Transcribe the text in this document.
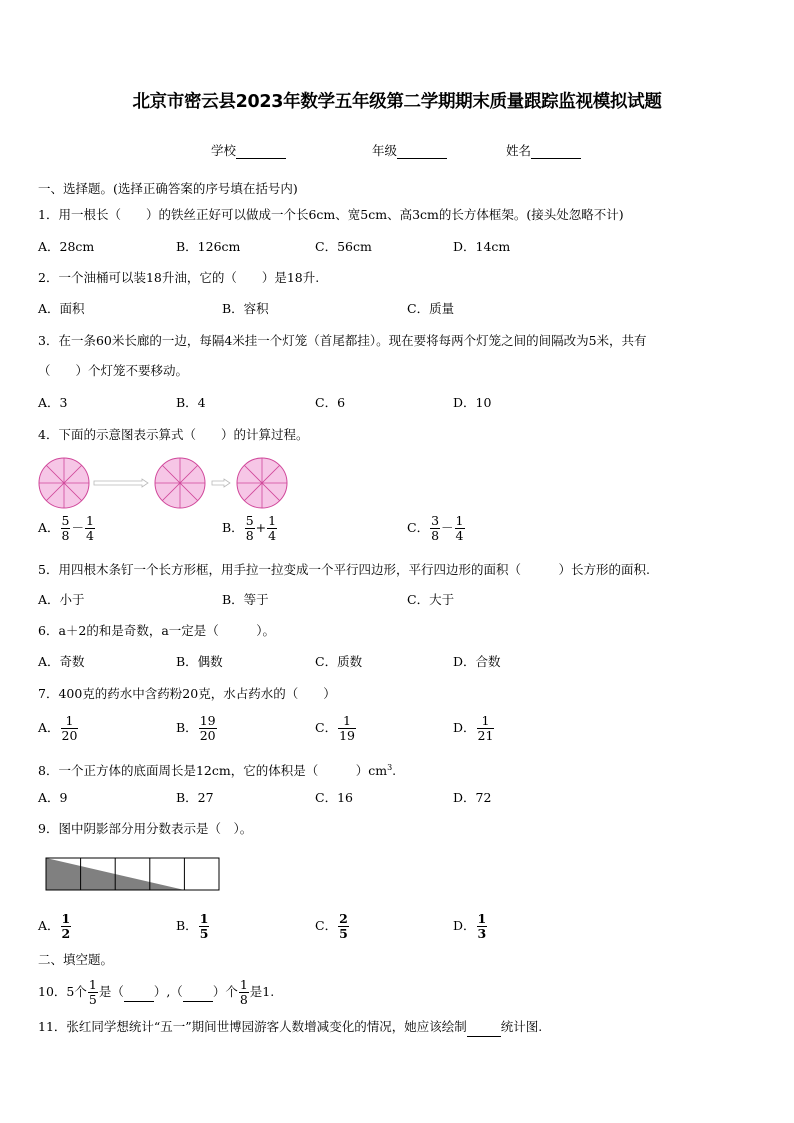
北京市密云县2023年数学五年级第二学期期末质量跟踪监视模拟试题
学校	年级	姓名
一、选择题。(选择正确答案的序号填在括号内)
1．用一根长（　　）的铁丝正好可以做成一个长6cm、宽5cm、高3cm的长方体框架。(接头处忽略不计)
A．28cm	B．126cm	C．56cm	D．14cm
2．一个油桶可以装18升油，它的（　　）是18升.
A．面积	B．容积	C．质量
3．在一条60米长廊的一边，每隔4米挂一个灯笼（首尾都挂）。现在要将每两个灯笼之间的间隔改为5米，共有
（　　）个灯笼不要移动。
A．3	B．4	C．6	D．10
4．下面的示意图表示算式（　　）的计算过程。
A． $\frac{5}{8} - \frac{1}{4}$	B． $\frac{5}{8} + \frac{1}{4}$	C． $\frac{3}{8} - \frac{1}{4}$
5．用四根木条钉一个长方形框，用手拉一拉变成一个平行四边形，平行四边形的面积（　　　）长方形的面积.
A．小于	B．等于	C．大于
6．a＋2的和是奇数，a一定是（　　　）。
A．奇数	B．偶数	C．质数	D．合数
7．400克的药水中含药粉20克，水占药水的（　　）
A． $\frac{1}{20}$	B． $\frac{19}{20}$	C． $\frac{1}{19}$	D． $\frac{1}{21}$
8．一个正方体的底面周长是12cm，它的体积是（　　　）$cm^3$.
A．9	B．27	C．16	D．72
9．图中阴影部分用分数表示是（　）。
A． $\frac{1}{2}$	B． $\frac{1}{5}$	C． $\frac{2}{5}$	D． $\frac{1}{3}$
二、填空题。
10．5个 $\frac{1}{5}$ 是（ ）,（ ）个 $\frac{1}{8}$ 是1.
11．张红同学想统计“五一”期间世博园游客人数增减变化的情况，她应该绘制	统计图.
